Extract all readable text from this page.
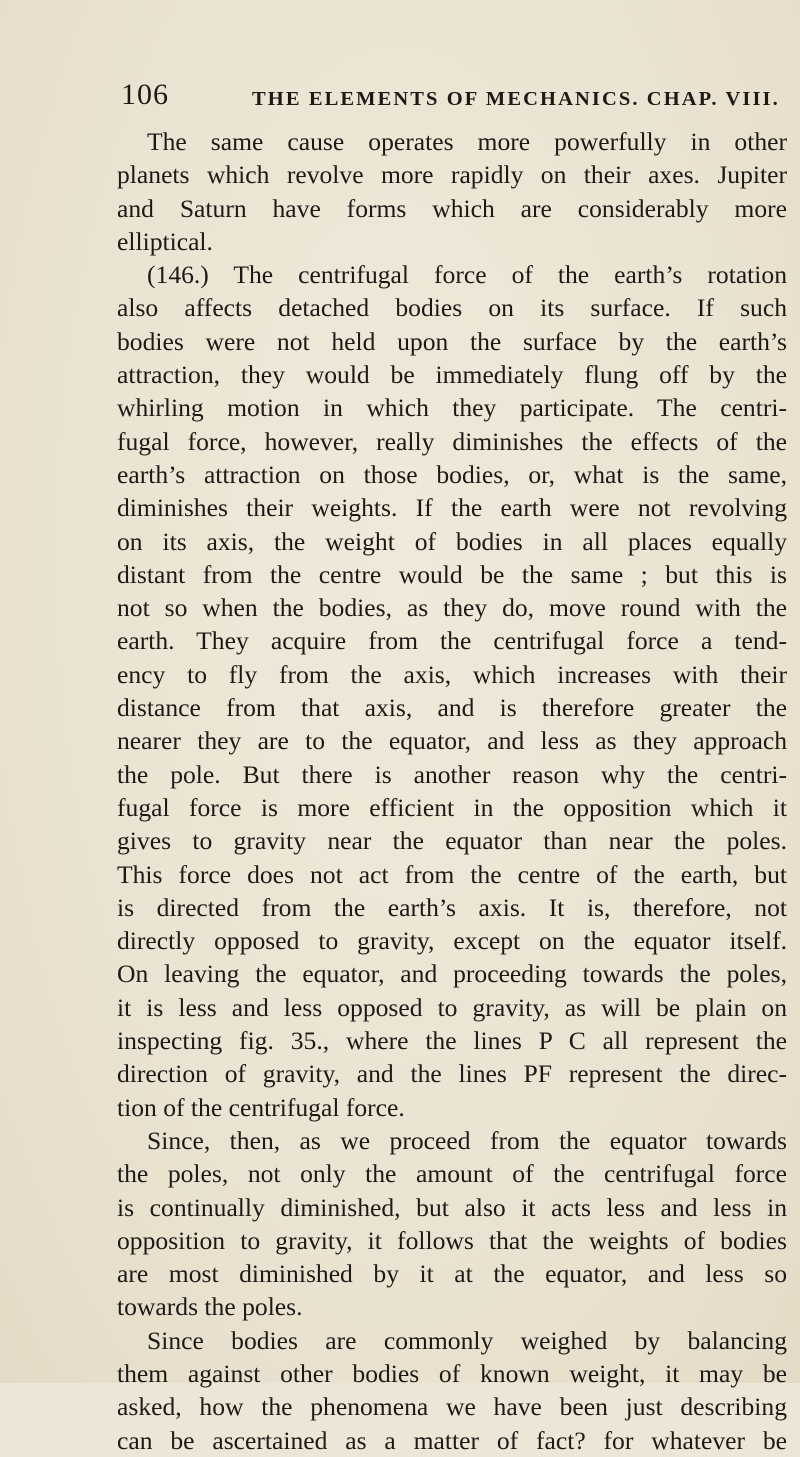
106	THE ELEMENTS OF MECHANICS. CHAP. VIII.
The same cause operates more powerfully in other
planets which revolve more rapidly on their axes. Jupiter
and Saturn have forms which are considerably more
elliptical.
(146.) The centrifugal force of the earth’s rotation
also affects detached bodies on its surface. If such
bodies were not held upon the surface by the earth’s
attraction, they would be immediately flung off by the
whirling motion in which they participate. The centri-
fugal force, however, really diminishes the effects of the
earth’s attraction on those bodies, or, what is the same,
diminishes their weights. If the earth were not revolving
on its axis, the weight of bodies in all places equally
distant from the centre would be the same ; but this is
not so when the bodies, as they do, move round with the
earth. They acquire from the centrifugal force a tend-
ency to fly from the axis, which increases with their
distance from that axis, and is therefore greater the
nearer they are to the equator, and less as they approach
the pole. But there is another reason why the centri-
fugal force is more efficient in the opposition which it
gives to gravity near the equator than near the poles.
This force does not act from the centre of the earth, but
is directed from the earth’s axis. It is, therefore, not
directly opposed to gravity, except on the equator itself.
On leaving the equator, and proceeding towards the poles,
it is less and less opposed to gravity, as will be plain on
inspecting fig. 35., where the lines P C all represent the
direction of gravity, and the lines PF represent the direc-
tion of the centrifugal force.
Since, then, as we proceed from the equator towards
the poles, not only the amount of the centrifugal force
is continually diminished, but also it acts less and less in
opposition to gravity, it follows that the weights of bodies
are most diminished by it at the equator, and less so
towards the poles.
Since bodies are commonly weighed by balancing
them against other bodies of known weight, it may be
asked, how the phenomena we have been just describing
can be ascertained as a matter of fact? for whatever be
